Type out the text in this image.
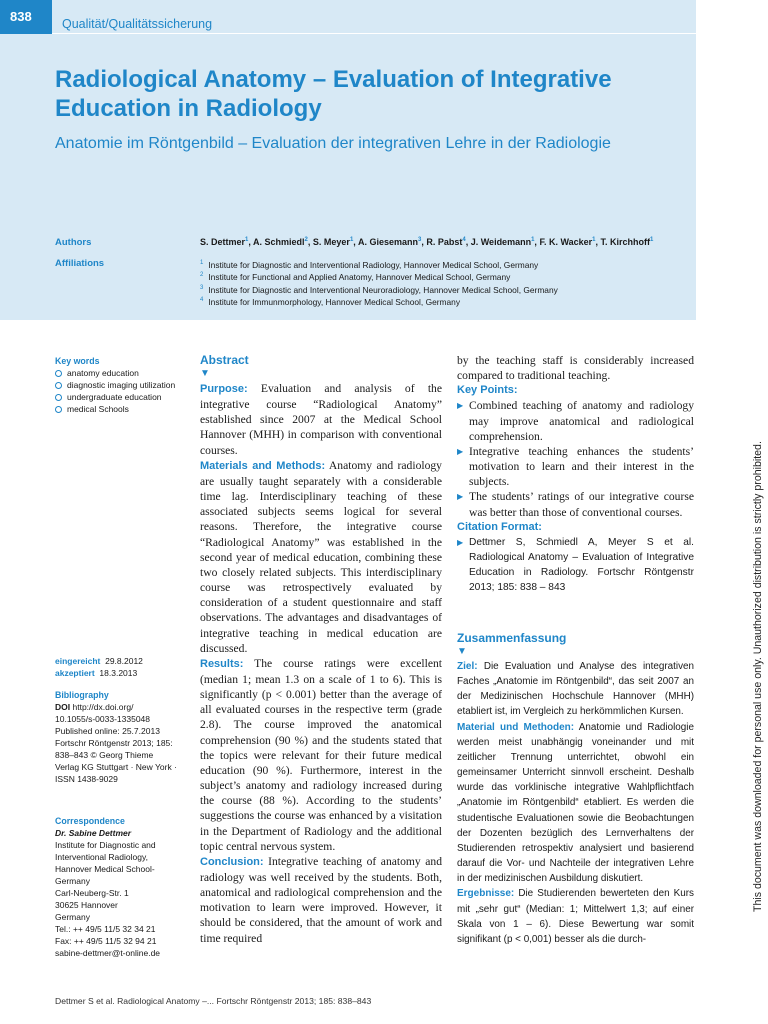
838 Qualität/Qualitätssicherung
Radiological Anatomy – Evaluation of Integrative
Education in Radiology
Anatomie im Röntgenbild – Evaluation der integrativen Lehre in der Radiologie
Authors
Affiliations
S. Dettmer$^1$, A. Schmiedl$^2$, S. Meyer$^1$, A. Giesemann$^3$, R. Pabst$^4$, J. Weidemann$^1$, F. K. Wacker$^1$, T. Kirchhoff$^1$
$^1$ Institute for Diagnostic and Interventional Radiology, Hannover Medical School, Germany
$^2$ Institute for Functional and Applied Anatomy, Hannover Medical School, Germany
$^3$ Institute for Diagnostic and Interventional Neuroradiology, Hannover Medical School, Germany
$^4$ Institute for Immunmorphology, Hannover Medical School, Germany
This document was downloaded for personal use only. Unauthorized distribution is strictly prohibited.
Key words
anatomy education
diagnostic imaging utilization
undergraduate education
medical Schools
eingereicht 29.8.2012
akzeptiert 18.3.2013
Bibliography
DOI http://dx.doi.org/
10.1055/s-0033-1335048
Published online: 25.7.2013
Fortschr Röntgenstr 2013; 185:
838–843 © Georg Thieme
Verlag KG Stuttgart · New York ·
ISSN 1438-9029
Correspondence
Dr. Sabine Dettmer
Institute for Diagnostic and
Interventional Radiology,
Hannover Medical School-
Germany
Carl-Neuberg-Str. 1
30625 Hannover
Germany
Tel.: ++ 49/5 11/5 32 34 21
Fax: ++ 49/5 11/5 32 94 21
sabine-dettmer@t-online.de
Abstract
▼

Purpose: Evaluation and analysis of the integrative course “Radiological Anatomy” established since 2007 at the Medical School Hannover (MHH) in comparison with conventional courses.

Materials and Methods: Anatomy and radiology are usually taught separately with a considerable time lag. Interdisciplinary teaching of these associated subjects seems logical for several reasons. Therefore, the integrative course “Radiological Anatomy” was established in the second year of medical education, combining these two closely related subjects. This interdisciplinary course was retrospectively evaluated by consideration of a student questionnaire and staff observations. The advantages and disadvantages of integrative teaching in medical education are discussed.

Results: The course ratings were excellent (median 1; mean 1.3 on a scale of 1 to 6). This is significantly (p < 0.001) better than the average of all evaluated courses in the respective term (grade 2.8). The course improved the anatomical comprehension (90 %) and the students stated that the topics were relevant for their future medical education (90 %). Furthermore, interest in the subject’s anatomy and radiology increased during the course (88 %). According to the students’ suggestions the course was enhanced by a visitation in the Department of Radiology and the additional topic central nervous system.

Conclusion: Integrative teaching of anatomy and radiology was well received by the students. Both, anatomical and radiological comprehension and the motivation to learn were improved. However, it should be considered, that the amount of work and time required

by the teaching staff is considerably increased compared to traditional teaching.

Key Points:
▶ Combined teaching of anatomy and radiology may improve anatomical and radiological comprehension.
▶ Integrative teaching enhances the students’ motivation to learn and their interest in the subjects.
▶ The students’ ratings of our integrative course was better than those of conventional courses.
Citation Format:
▶ Dettmer S, Schmiedl A, Meyer S et al. Radiological Anatomy – Evaluation of Integrative Education in Radiology. Fortschr Röntgenstr 2013; 185: 838 – 843
Zusammenfassung
▼

Ziel: Die Evaluation und Analyse des integrativen Faches „Anatomie im Röntgenbild“, das seit 2007 an der Medizinischen Hochschule Hannover (MHH) etabliert ist, im Vergleich zu herkömmlichen Kursen.

Material und Methoden: Anatomie und Radiologie werden meist unabhängig voneinander und mit zeitlicher Trennung unterrichtet, obwohl ein gemeinsamer Unterricht sinnvoll erscheint. Deshalb wurde das vorklinische integrative Wahlpflichtfach „Anatomie im Röntgenbild“ etabliert. Es werden die studentische Evaluationen sowie die Beobachtungen der Dozenten bezüglich des Lernverhaltens der Studierenden retrospektiv analysiert und basierend darauf die Vor- und Nachteile der integrativen Lehre in der medizinischen Ausbildung diskutiert.

Ergebnisse: Die Studierenden bewerteten den Kurs mit „sehr gut“ (Median: 1; Mittelwert 1,3; auf einer Skala von 1 – 6). Diese Bewertung war somit signifikant (p < 0,001) besser als die durch-

Dettmer S et al. Radiological Anatomy –... Fortschr Röntgenstr 2013; 185: 838–843
